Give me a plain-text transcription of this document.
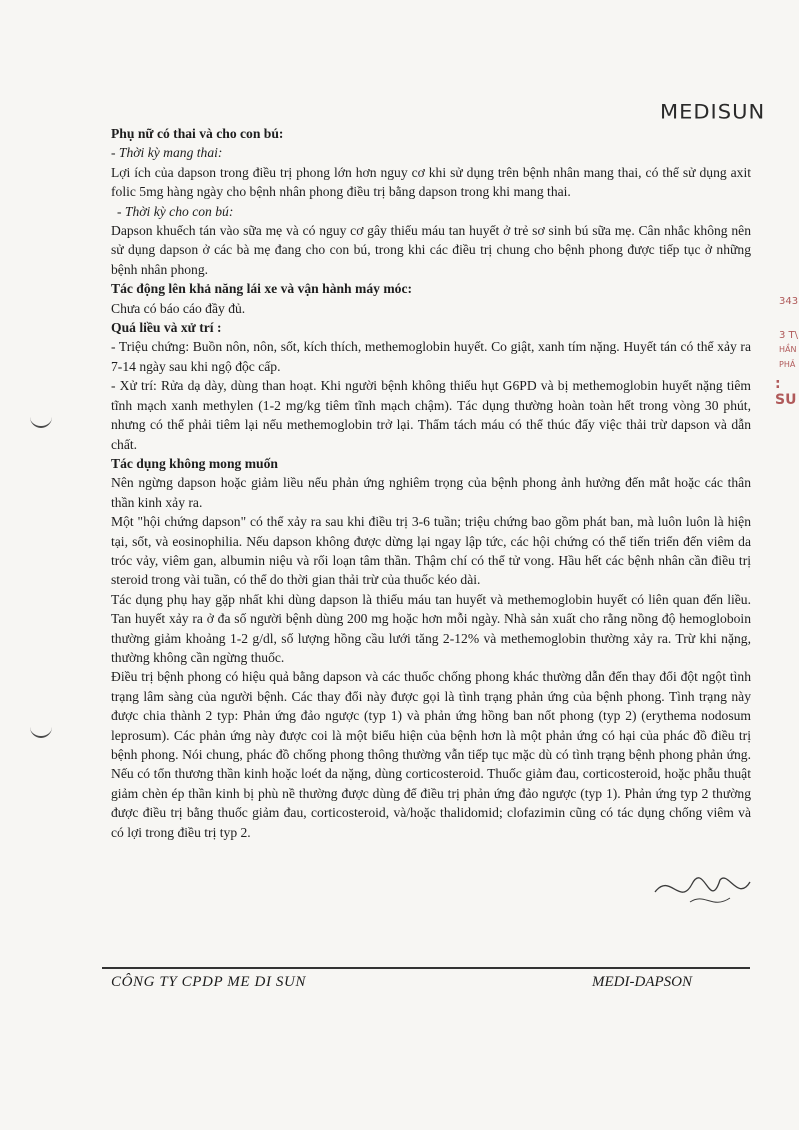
MEDISUN
343
3 T\
HẦN
PHẢ
: SU

Phụ nữ có thai và cho con bú:

- Thời kỳ mang thai:

Lợi ích của dapson trong điều trị phong lớn hơn nguy cơ khi sử dụng trên bệnh nhân mang thai, có thể sử dụng axit folic 5mg hàng ngày cho bệnh nhân phong điều trị bằng dapson trong khi mang thai.

- Thời kỳ cho con bú:

Dapson khuếch tán vào sữa mẹ và có nguy cơ gây thiếu máu tan huyết ở trẻ sơ sinh bú sữa mẹ. Cân nhắc không nên sử dụng dapson ở các bà mẹ đang cho con bú, trong khi các điều trị chung cho bệnh phong được tiếp tục ở những bệnh nhân phong.

Tác động lên khả năng lái xe và vận hành máy móc:

Chưa có báo cáo đầy đủ.

Quá liều và xử trí :

- Triệu chứng: Buồn nôn, nôn, sốt, kích thích, methemoglobin huyết. Co giật, xanh tím nặng. Huyết tán có thể xảy ra 7-14 ngày sau khi ngộ độc cấp.

- Xử trí: Rửa dạ dày, dùng than hoạt. Khi người bệnh không thiếu hụt G6PD và bị methemoglobin huyết nặng tiêm tĩnh mạch xanh methylen (1-2 mg/kg tiêm tĩnh mạch chậm). Tác dụng thường hoàn toàn hết trong vòng 30 phút, nhưng có thể phải tiêm lại nếu methemoglobin trở lại. Thẩm tách máu có thể thúc đẩy việc thải trừ dapson và dẫn chất.

Tác dụng không mong muốn

Nên ngừng dapson hoặc giảm liều nếu phản ứng nghiêm trọng của bệnh phong ảnh hưởng đến mắt hoặc các thân thần kinh xảy ra.

Một "hội chứng dapson" có thể xảy ra sau khi điều trị 3-6 tuần; triệu chứng bao gồm phát ban, mà luôn luôn là hiện tại, sốt, và eosinophilia. Nếu dapson không được dừng lại ngay lập tức, các hội chứng có thể tiến triển đến viêm da tróc vảy, viêm gan, albumin niệu và rối loạn tâm thần. Thậm chí có thể tử vong. Hầu hết các bệnh nhân cần điều trị steroid trong vài tuần, có thể do thời gian thải trừ của thuốc kéo dài.

Tác dụng phụ hay gặp nhất khi dùng dapson là thiếu máu tan huyết và methemoglobin huyết có liên quan đến liều. Tan huyết xảy ra ở đa số người bệnh dùng 200 mg hoặc hơn mỗi ngày. Nhà sản xuất cho rằng nồng độ hemogloboin thường giảm khoảng 1-2 g/dl, số lượng hồng cầu lưới tăng 2-12% và methemoglobin thường xảy ra. Trừ khi nặng, thường không cần ngừng thuốc.

Điều trị bệnh phong có hiệu quả bằng dapson và các thuốc chống phong khác thường dẫn đến thay đổi đột ngột tình trạng lâm sàng của người bệnh. Các thay đổi này được gọi là tình trạng phản ứng của bệnh phong. Tình trạng này được chia thành 2 typ: Phản ứng đảo ngược (typ 1) và phản ứng hồng ban nốt phong (typ 2) (erythema nodosum leprosum). Các phản ứng này được coi là một biểu hiện của bệnh hơn là một phản ứng có hại của phác đồ điều trị bệnh phong. Nói chung, phác đồ chống phong thông thường vẫn tiếp tục mặc dù có tình trạng bệnh phong phản ứng. Nếu có tổn thương thần kinh hoặc loét da nặng, dùng corticosteroid. Thuốc giảm đau, corticosteroid, hoặc phẫu thuật giảm chèn ép thần kinh bị phù nề thường được dùng để điều trị phản ứng đảo ngược (typ 1). Phản ứng typ 2 thường được điều trị bằng thuốc giảm đau, corticosteroid, và/hoặc thalidomid; clofazimin cũng có tác dụng chống viêm và có lợi trong điều trị typ 2.

CÔNG TY CPDP ME DI SUN	MEDI-DAPSON
